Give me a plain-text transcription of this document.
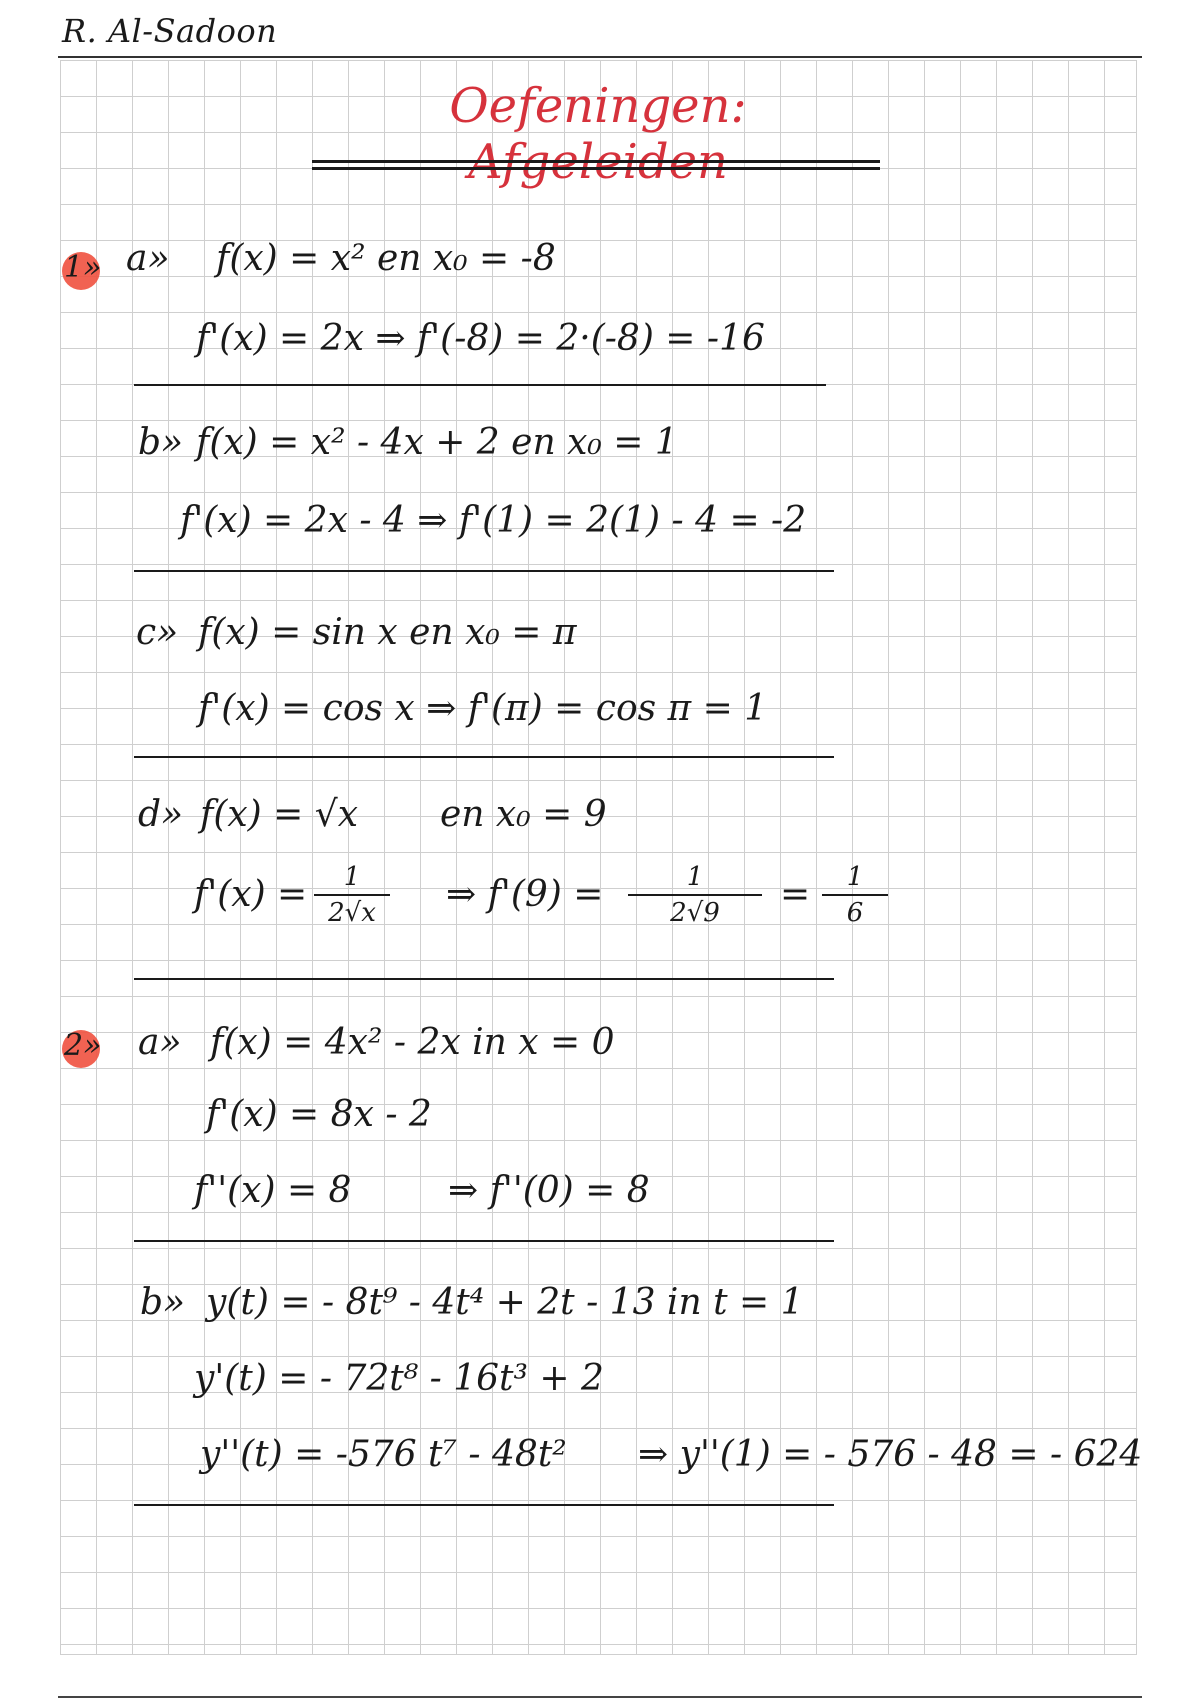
R. Al-Sadoon
Oefeningen:
1» a» f(x) = x² en x₀ = -8
f'(x) = 2x ⇒ f'(-8) = 2·(-8) = -16
b» f(x) = x² - 4x + 2 en x₀ = 1
f'(x) = 2x - 4 ⇒ f'(1) = 2(1) - 4 = -2
c» f(x) = sin x en x₀ = π
f'(x) = cos x ⇒ f'(π) = cos π = 1
d» f(x) = √x en x₀ = 9
f'(x) = 1
2√x ⇒ f'(9) =	1
2√9 = 1
6
2» a» f(x) = 4x² - 2x in x = 0
f'(x) = 8x - 2
f''(x) = 8	⇒ f''(0) = 8
b» y(t) = - 8t⁹ - 4t⁴ + 2t - 13 in t = 1
y'(t) = - 72t⁸ - 16t³ + 2
y''(t) = -576 t⁷ - 48t² ⇒ y''(1) = - 576 - 48 = - 624
